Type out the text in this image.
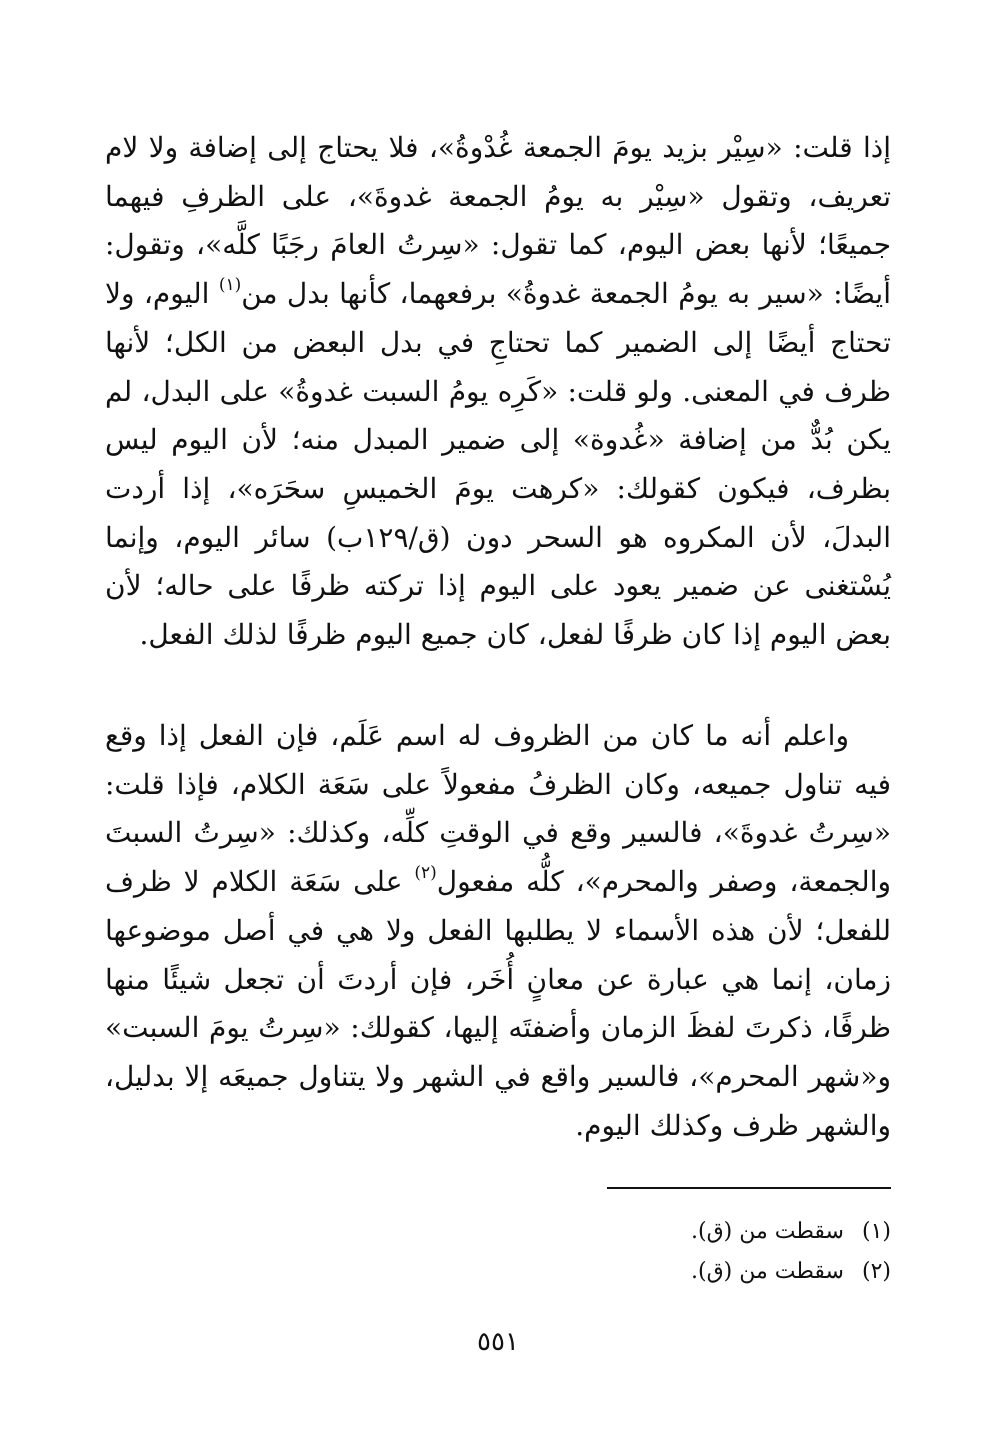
إذا قلت: «سِيْر بزيد يومَ الجمعة غُدْوةُ»، فلا يحتاج إلى إضافة ولا لام تعريف، وتقول «سِيْر به يومُ الجمعة غدوةَ»، على الظرفِ فيهما جميعًا؛ لأنها بعض اليوم، كما تقول: «سِرتُ العامَ رجَبًا كلَّه»، وتقول: أيضًا: «سير به يومُ الجمعة غدوةُ» برفعهما، كأنها بدل من$^{(١)}$ اليوم، ولا تحتاج أيضًا إلى الضمير كما تحتاجِ في بدل البعض من الكل؛ لأنها ظرف في المعنى. ولو قلت: «كَرِه يومُ السبت غدوةُ» على البدل، لم يكن بُدٌّ من إضافة «غُدوة» إلى ضمير المبدل منه؛ لأن اليوم ليس بظرف، فيكون كقولك: «كرهت يومَ الخميسِ سحَرَه»، إذا أردت البدلَ، لأن المكروه هو السحر دون (ق/١٢٩ب) سائر اليوم، وإنما يُسْتغنى عن ضمير يعود على اليوم إذا تركته ظرفًا على حاله؛ لأن بعض اليوم إذا كان ظرفًا لفعل، كان جميع اليوم ظرفًا لذلك الفعل.

واعلم أنه ما كان من الظروف له اسم عَلَم، فإن الفعل إذا وقع فيه تناول جميعه، وكان الظرفُ مفعولاً على سَعَة الكلام، فإذا قلت: «سِرتُ غدوةَ»، فالسير وقع في الوقتِ كلِّه، وكذلك: «سِرتُ السبتَ والجمعة، وصفر والمحرم»، كلُّه مفعول$^{(٢)}$ على سَعَة الكلام لا ظرف للفعل؛ لأن هذه الأسماء لا يطلبها الفعل ولا هي في أصل موضوعها زمان، إنما هي عبارة عن معانٍ أُخَر، فإن أردتَ أن تجعل شيئًا منها ظرفًا، ذكرتَ لفظَ الزمان وأضفتَه إليها، كقولك: «سِرتُ يومَ السبت» و«شهر المحرم»، فالسير واقع في الشهر ولا يتناول جميعَه إلا بدليل، والشهر ظرف وكذلك اليوم.

(١)سقطت من (ق).
(٢)سقطت من (ق).
٥٥١
